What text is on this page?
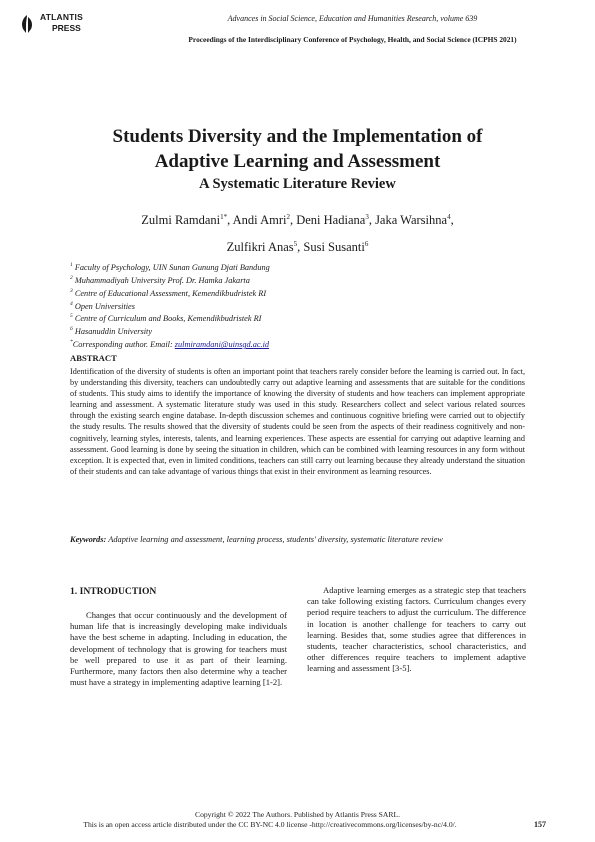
ATLANTIS
PRESS
Advances in Social Science, Education and Humanities Research, volume 639
Proceedings of the Interdisciplinary Conference of Psychology, Health, and Social Science (ICPHS 2021)
Students Diversity and the Implementation of
Adaptive Learning and Assessment
A Systematic Literature Review
Zulmi Ramdani$^{1*}$, Andi Amri$^2$, Deni Hadiana$^3$, Jaka Warsihna$^4$,
Zulfikri Anas$^5$, Susi Susanti$^6$
$^1$ Faculty of Psychology, UIN Sunan Gunung Djati Bandung
$^2$ Muhammadiyah University Prof. Dr. Hamka Jakarta
$^3$ Centre of Educational Assessment, Kemendikbudristek RI
$^4$ Open Universities
$^5$ Centre of Curriculum and Books, Kemendikbudristek RI
$^6$ Hasanuddin University
*Corresponding author. Email: zulmiramdani@uinsgd.ac.id
ABSTRACT
Identification of the diversity of students is often an important point that teachers rarely consider before the learning is carried out. In fact, by understanding this diversity, teachers can undoubtedly carry out adaptive learning and assessments that are suitable for the conditions of students. This study aims to identify the importance of knowing the diversity of students and how teachers can implement appropriate learning and assessment. A systematic literature study was used in this study. Researchers collect and select various related sources through the existing search engine database. In-depth discussion schemes and continuous cognitive briefing were carried out to objectify the study results. The results showed that the diversity of students could be seen from the aspects of their readiness cognitively and non-cognitively, learning styles, interests, talents, and learning experiences. These aspects are essential for carrying out adaptive learning and assessment. Good learning is done by seeing the situation in children, which can be combined with learning resources in any form without exception. It is expected that, even in limited conditions, teachers can still carry out learning because they already understand the situation of their students and can take advantage of various things that exist in their environment as learning resources.
Keywords: Adaptive learning and assessment, learning process, students' diversity, systematic literature review
1. INTRODUCTION
Changes that occur continuously and the development of human life that is increasingly developing make individuals have the best scheme in adapting. Including in education, the development of technology that is growing for teachers must be well prepared to use it as part of their learning. Furthermore, many factors then also determine why a teacher must have a strategy in implementing adaptive learning [1-2].
Adaptive learning emerges as a strategic step that teachers can take following existing factors. Curriculum changes every period require teachers to adjust the curriculum. The difference in location is another challenge for teachers to carry out learning. Besides that, some studies agree that differences in students, teacher characteristics, school characteristics, and other differences require teachers to implement adaptive learning and assessment [3-5].
Copyright © 2022 The Authors. Published by Atlantis Press SARL.
This is an open access article distributed under the CC BY-NC 4.0 license -http://creativecommons.org/licenses/by-nc/4.0/.	157
